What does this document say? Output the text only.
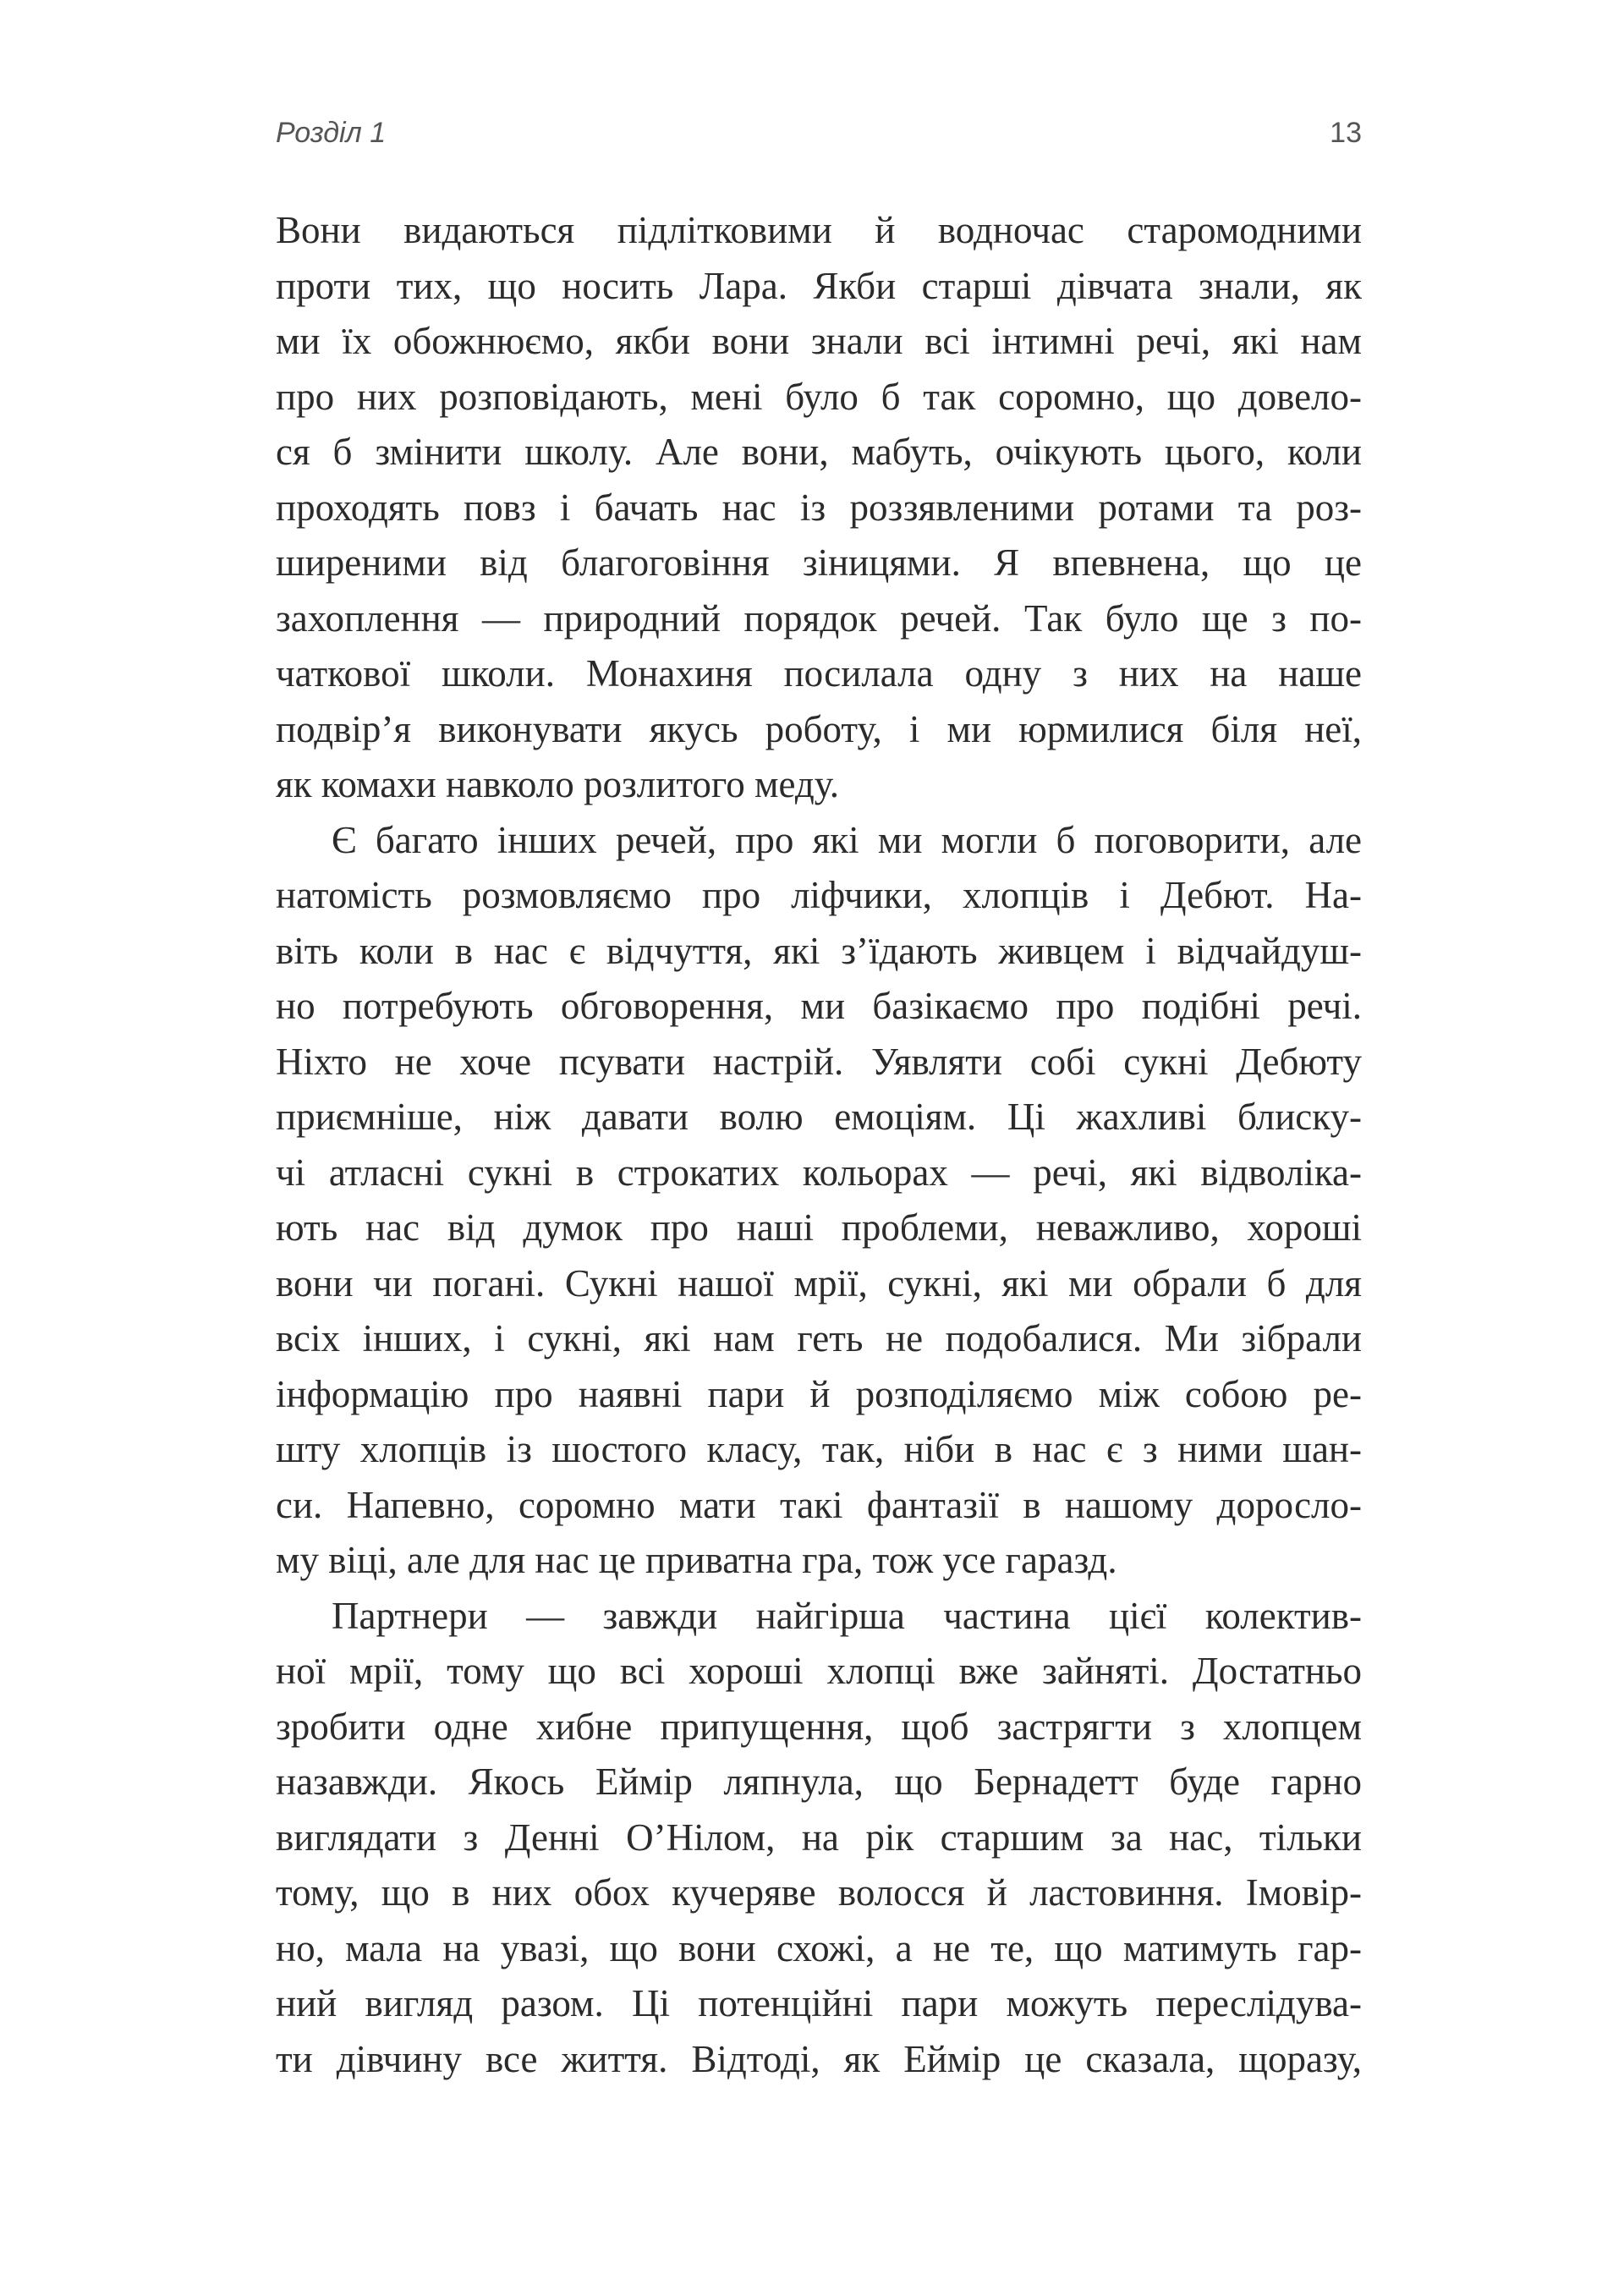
Розділ 1	13
Вони видаються підлітковими й водночас старомодними
проти тих, що носить Лара. Якби старші дівчата знали, як
ми їх обожнюємо, якби вони знали всі інтимні речі, які нам
про них розповідають, мені було б так соромно, що довело-
ся б змінити школу. Але вони, мабуть, очікують цього, коли
проходять повз і бачать нас із роззявленими ротами та роз-
ширеними від благоговіння зіницями. Я впевнена, що це
захоплення — природний порядок речей. Так було ще з по-
чаткової школи. Монахиня посилала одну з них на наше
подвір’я виконувати якусь роботу, і ми юрмилися біля неї,
як комахи навколо розлитого меду.
Є багато інших речей, про які ми могли б поговорити, але
натомість розмовляємо про ліфчики, хлопців і Дебют. На-
віть коли в нас є відчуття, які з’їдають живцем і відчайдуш-
но потребують обговорення, ми базікаємо про подібні речі.
Ніхто не хоче псувати настрій. Уявляти собі сукні Дебюту
приємніше, ніж давати волю емоціям. Ці жахливі блиску-
чі атласні сукні в строкатих кольорах — речі, які відволіка-
ють нас від думок про наші проблеми, неважливо, хороші
вони чи погані. Сукні нашої мрії, сукні, які ми обрали б для
всіх інших, і сукні, які нам геть не подобалися. Ми зібрали
інформацію про наявні пари й розподіляємо між собою ре-
шту хлопців із шостого класу, так, ніби в нас є з ними шан-
си. Напевно, соромно мати такі фантазії в нашому доросло-
му віці, але для нас це приватна гра, тож усе гаразд.
Партнери — завжди найгірша частина цієї колектив-
ної мрії, тому що всі хороші хлопці вже зайняті. Достатньо
зробити одне хибне припущення, щоб застрягти з хлопцем
назавжди. Якось Еймір ляпнула, що Бернадетт буде гарно
виглядати з Денні О’Нілом, на рік старшим за нас, тільки
тому, що в них обох кучеряве волосся й ластовиння. Імовір-
но, мала на увазі, що вони схожі, а не те, що матимуть гар-
ний вигляд разом. Ці потенційні пари можуть переслідува-
ти дівчину все життя. Відтоді, як Еймір це сказала, щоразу,
